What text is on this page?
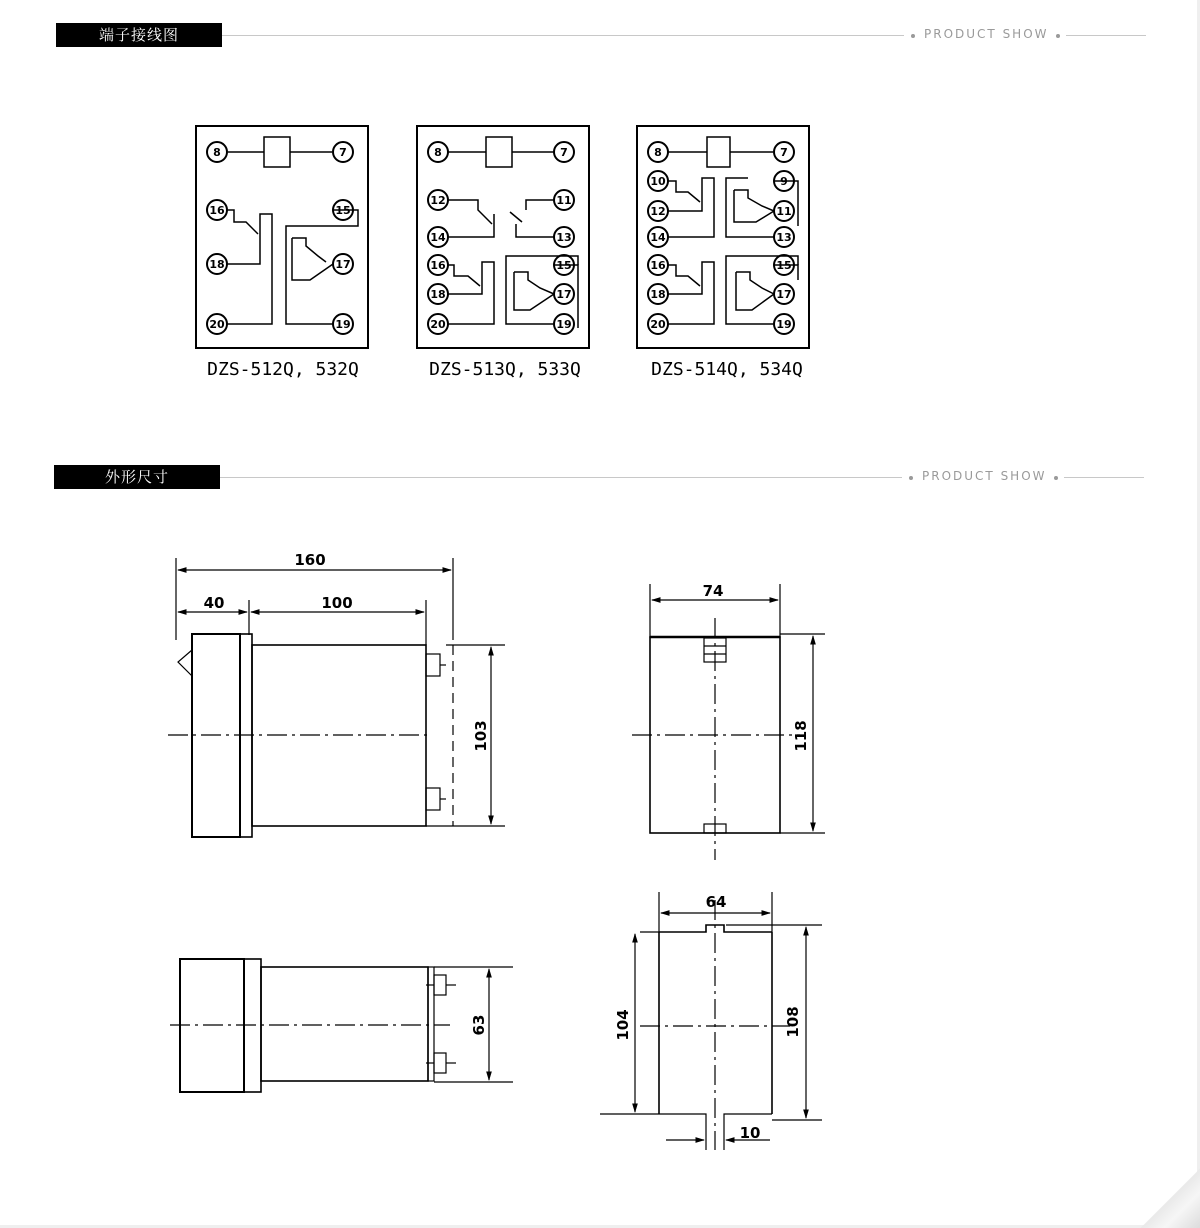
端子接线图	PRODUCT SHOW
8	7
16	15
18	17
20	19
DZS-512Q, 532Q
8	7
12	11
14	13
16	15
18	17
20	19
DZS-513Q, 533Q
8	7
10	9
12	11
14	13
16	15
18	17
20	19
DZS-514Q, 534Q
外形尺寸	PRODUCT SHOW
160
40	100
103
74
118
63
64
104	108
10
